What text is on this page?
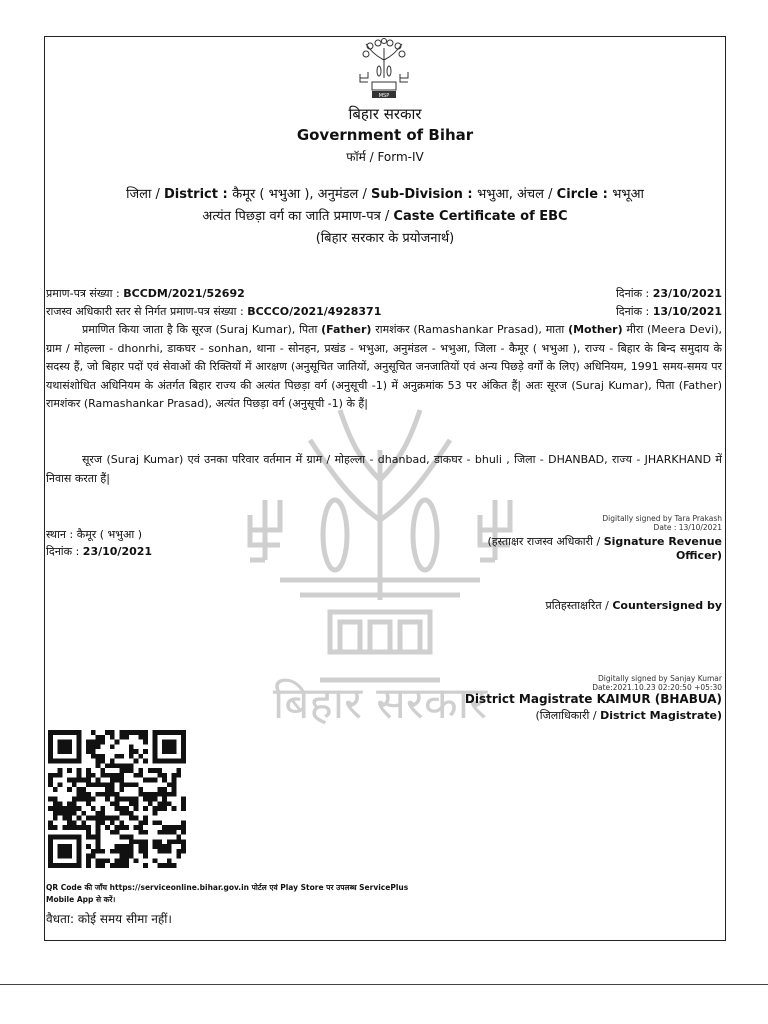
बिहार सरकार
MSP
बिहार सरकार
Government of Bihar
फॉर्म / Form-IV
जिला / District : कैमूर ( भभुआ ), अनुमंडल / Sub-Division : भभुआ, अंचल / Circle : भभूआ
अत्यंत पिछड़ा वर्ग का जाति प्रमाण-पत्र / Caste Certificate of EBC
(बिहार सरकार के प्रयोजनार्थ)
प्रमाण-पत्र संख्या : BCCDM/2021/52692	दिनांक : 23/10/2021
राजस्व अधिकारी स्तर से निर्गत प्रमाण-पत्र संख्या : BCCCO/2021/4928371	दिनांक : 13/10/2021
प्रमाणित किया जाता है कि सूरज (Suraj Kumar), पिता (Father) रामशंकर (Ramashankar Prasad), माता (Mother) मीरा (Meera Devi), ग्राम / मोहल्ला - dhonrhi, डाकघर - sonhan, थाना - सोनहन, प्रखंड - भभुआ, अनुमंडल - भभुआ, जिला - कैमूर ( भभुआ ), राज्य - बिहार के बिन्द समुदाय के सदस्य हैं, जो बिहार पदों एवं सेवाओं की रिक्तियों में आरक्षण (अनुसूचित जातियों, अनुसूचित जनजातियों एवं अन्य पिछड़े वर्गों के लिए) अधिनियम, 1991 समय-समय पर यथासंशोधित अधिनियम के अंतर्गत बिहार राज्य की अत्यंत पिछड़ा वर्ग (अनुसूची -1) में अनुक्रमांक 53 पर अंकित हैं| अतः सूरज (Suraj Kumar), पिता (Father) रामशंकर (Ramashankar Prasad), अत्यंत पिछड़ा वर्ग (अनुसूची -1) के हैं|
सूरज (Suraj Kumar) एवं उनका परिवार वर्तमान में ग्राम / मोहल्ला - dhanbad, डाकघर - bhuli , जिला - DHANBAD, राज्य - JHARKHAND में निवास करता हैं|
स्थान : कैमूर ( भभुआ )
दिनांक : 23/10/2021
Digitally signed by Tara Prakash
Date : 13/10/2021
(हस्ताक्षर राजस्व अधिकारी / Signature Revenue
Officer)
प्रतिहस्ताक्षरित / Countersigned by
Digitally signed by Sanjay Kumar
Date:2021.10.23 02:20:50 +05:30
District Magistrate KAIMUR (BHABUA)
(जिलाधिकारी / District Magistrate)
QR Code की जाँच https://serviceonline.bihar.gov.in पोर्टल एवं Play Store पर उपलब्ध ServicePlus
Mobile App से करें।
वैधता: कोई समय सीमा नहीं।
